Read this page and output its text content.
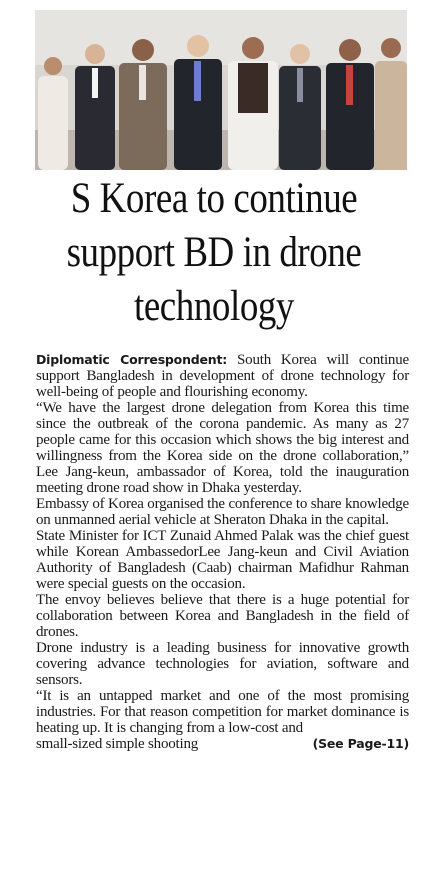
S Korea to continue
support BD in drone
technology

Diplomatic Correspondent: South Korea will continue support Bangladesh in development of drone technology for well-being of people and flourishing economy.

“We have the largest drone delegation from Korea this time since the outbreak of the corona pandemic. As many as 27 people came for this occasion which shows the big interest and willingness from the Korea side on the drone collaboration,” Lee Jang-keun, ambassador of Korea, told the inauguration meeting drone road show in Dhaka yesterday.

Embassy of Korea organised the conference to share knowledge on unmanned aerial vehicle at Sheraton Dhaka in the capital.

State Minister for ICT Zunaid Ahmed Palak was the chief guest while Korean AmbassedorLee Jang-keun and Civil Aviation Authority of Bangladesh (Caab) chairman Mafidhur Rahman were special guests on the occasion.

The envoy believes believe that there is a huge potential for collaboration between Korea and Bangladesh in the field of drones.

Drone industry is a leading business for innovative growth covering advance technologies for aviation, software and sensors.

“It is an untapped market and one of the most promising industries. For that reason competition for market dominance is heating up. It is changing from a low-cost and

small-sized simple shooting	(See Page-11)
